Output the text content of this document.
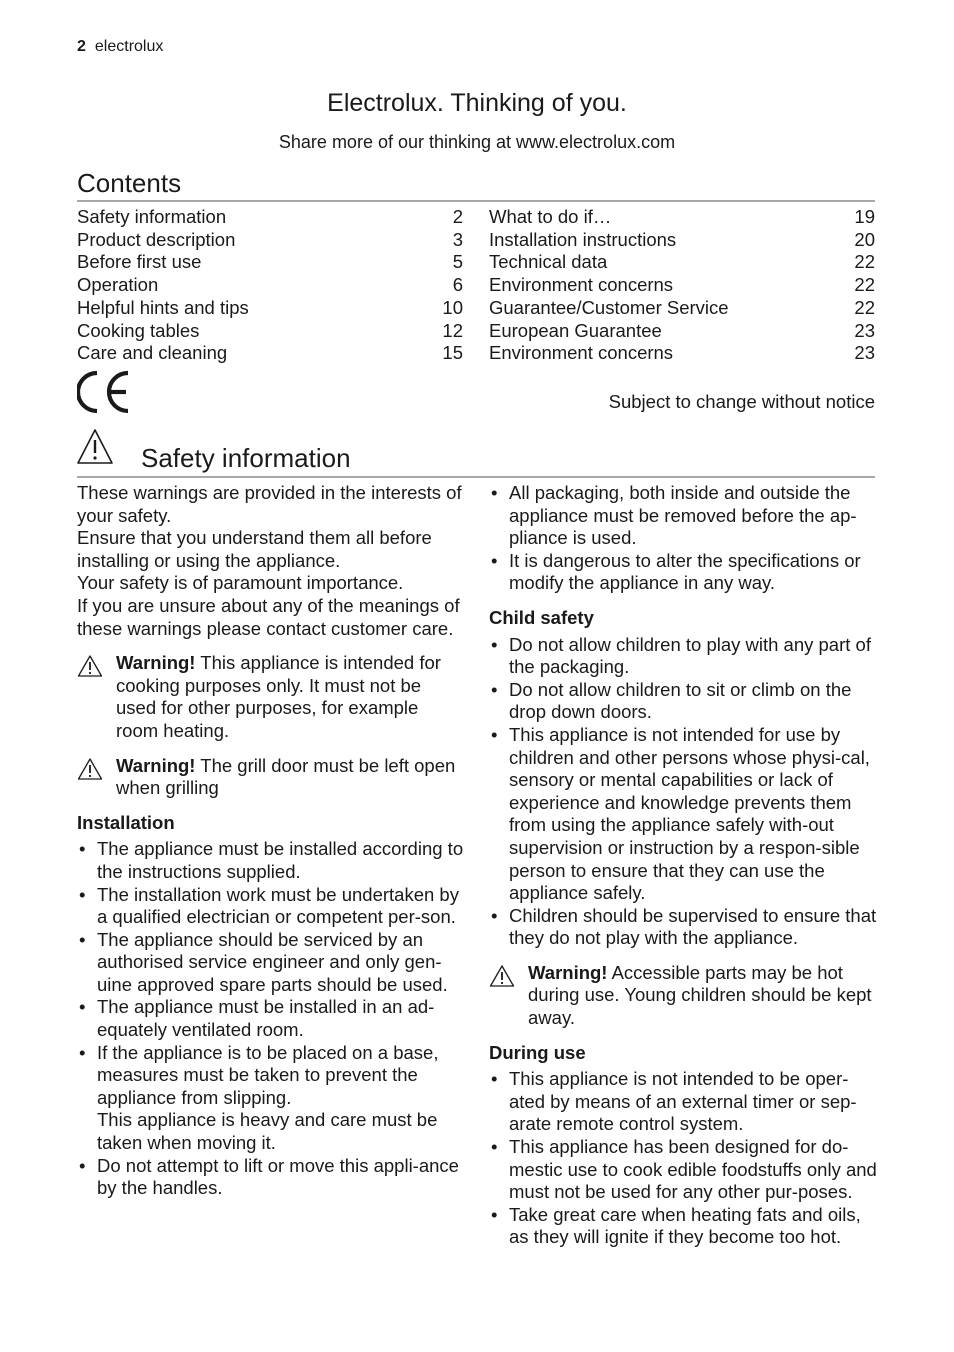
2 electrolux
Electrolux. Thinking of you.
Share more of our thinking at www.electrolux.com
Contents
Safety information	2
Product description	3
Before first use	5
Operation	6
Helpful hints and tips	10
Cooking tables	12
Care and cleaning	15
What to do if…	19
Installation instructions	20
Technical data	22
Environment concerns	22
Guarantee/Customer Service	22
European Guarantee	23
Environment concerns	23
Subject to change without notice
Safety information

These warnings are provided in the interests of your safety.

Ensure that you understand them all before installing or using the appliance.

Your safety is of paramount importance.

If you are unsure about any of the meanings of these warnings please contact customer care.

Warning! This appliance is intended for cooking purposes only. It must not be used for other purposes, for example room heating.
Warning! The grill door must be left open when grilling
Installation
• The appliance must be installed according to the instructions supplied.
• The installation work must be undertaken by a qualified electrician or competent per-son.
• The appliance should be serviced by an authorised service engineer and only gen-uine approved spare parts should be used.
• The appliance must be installed in an ad-equately ventilated room.
• If the appliance is to be placed on a base, measures must be taken to prevent the appliance from slipping.
This appliance is heavy and care must be taken when moving it.
• Do not attempt to lift or move this appli-ance by the handles.
• All packaging, both inside and outside the appliance must be removed before the ap-pliance is used.
• It is dangerous to alter the specifications or modify the appliance in any way.
Child safety
• Do not allow children to play with any part of the packaging.
• Do not allow children to sit or climb on the drop down doors.
• This appliance is not intended for use by children and other persons whose physi-cal, sensory or mental capabilities or lack of experience and knowledge prevents them from using the appliance safely with-out supervision or instruction by a respon-sible person to ensure that they can use the appliance safely.
• Children should be supervised to ensure that they do not play with the appliance.
Warning! Accessible parts may be hot during use. Young children should be kept away.
During use
• This appliance is not intended to be oper-ated by means of an external timer or sep-arate remote control system.
• This appliance has been designed for do-mestic use to cook edible foodstuffs only and must not be used for any other pur-poses.
• Take great care when heating fats and oils, as they will ignite if they become too hot.
